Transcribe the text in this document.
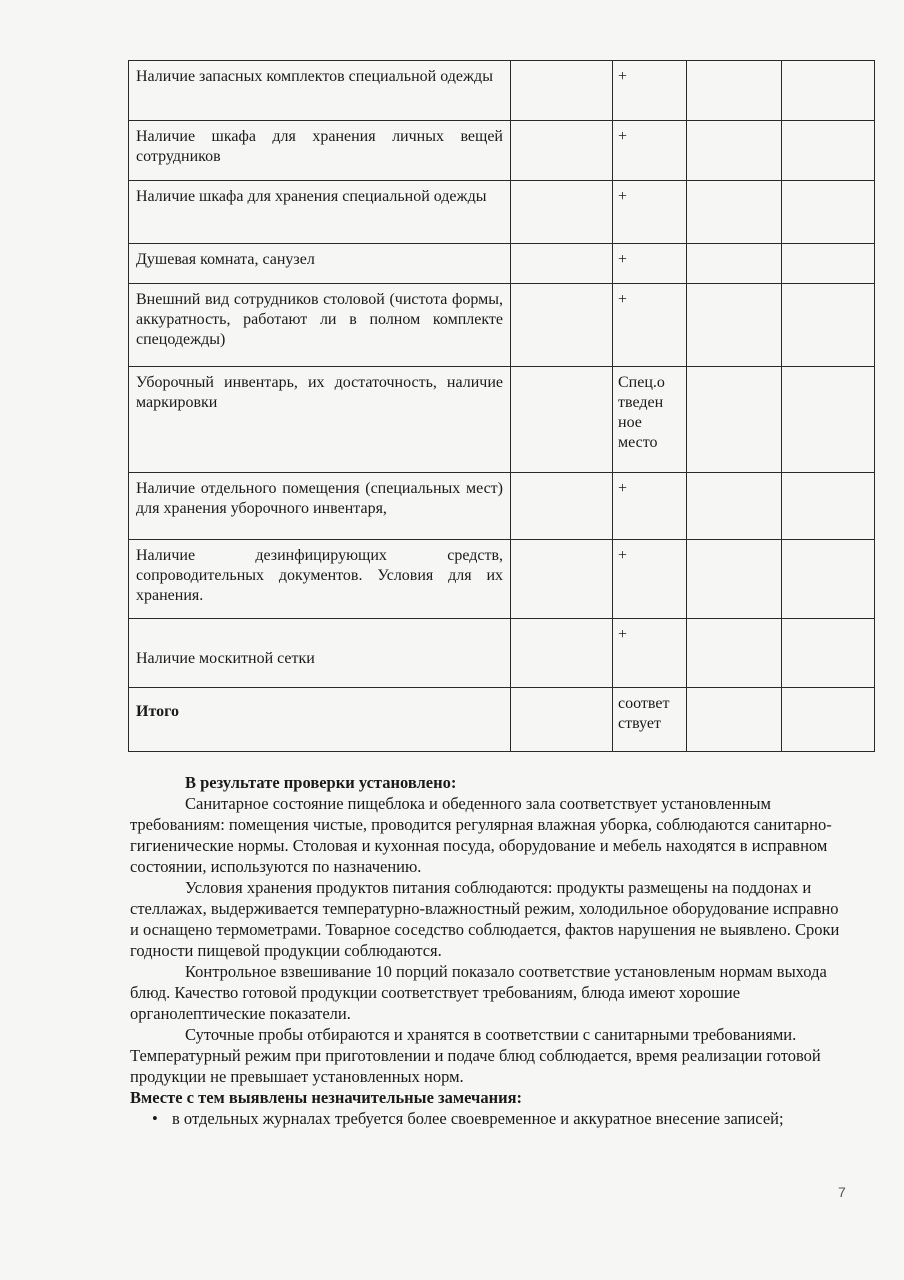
Наличие запасных комплектов специальной одежды		+		
Наличие шкафа для хранения личных вещей сотрудников		+		
Наличие шкафа для хранения специальной одежды		+		
Душевая комната, санузел		+		
Внешний вид сотрудников столовой (чистота формы, аккуратность, работают ли в полном комплекте спецодежды)		+		
Уборочный инвентарь, их достаточность, наличие маркировки		Спец.о тведен ное место		
Наличие отдельного помещения (специальных мест) для хранения уборочного инвентаря,		+		
Наличие дезинфицирующих средств, сопроводительных документов. Условия для их хранения.		+		
Наличие москитной сетки		+		
Итого		соответ ствует		

В результате проверки установлено:

Санитарное состояние пищеблока и обеденного зала соответствует установленным требованиям: помещения чистые, проводится регулярная влажная уборка, соблюдаются санитарно-гигиенические нормы. Столовая и кухонная посуда, оборудование и мебель находятся в исправном состоянии, используются по назначению.

Условия хранения продуктов питания соблюдаются: продукты размещены на поддонах и стеллажах, выдерживается температурно-влажностный режим, холодильное оборудование исправно и оснащено термометрами. Товарное соседство соблюдается, фактов нарушения не выявлено. Сроки годности пищевой продукции соблюдаются.

Контрольное взвешивание 10 порций показало соответствие установленым нормам выхода блюд. Качество готовой продукции соответствует требованиям, блюда имеют хорошие органолептические показатели.

Суточные пробы отбираются и хранятся в соответствии с санитарными требованиями. Температурный режим при приготовлении и подаче блюд соблюдается, время реализации готовой продукции не превышает установленных норм.

Вместе с тем выявлены незначительные замечания:

• в отдельных журналах требуется более своевременное и аккуратное внесение записей;
7
